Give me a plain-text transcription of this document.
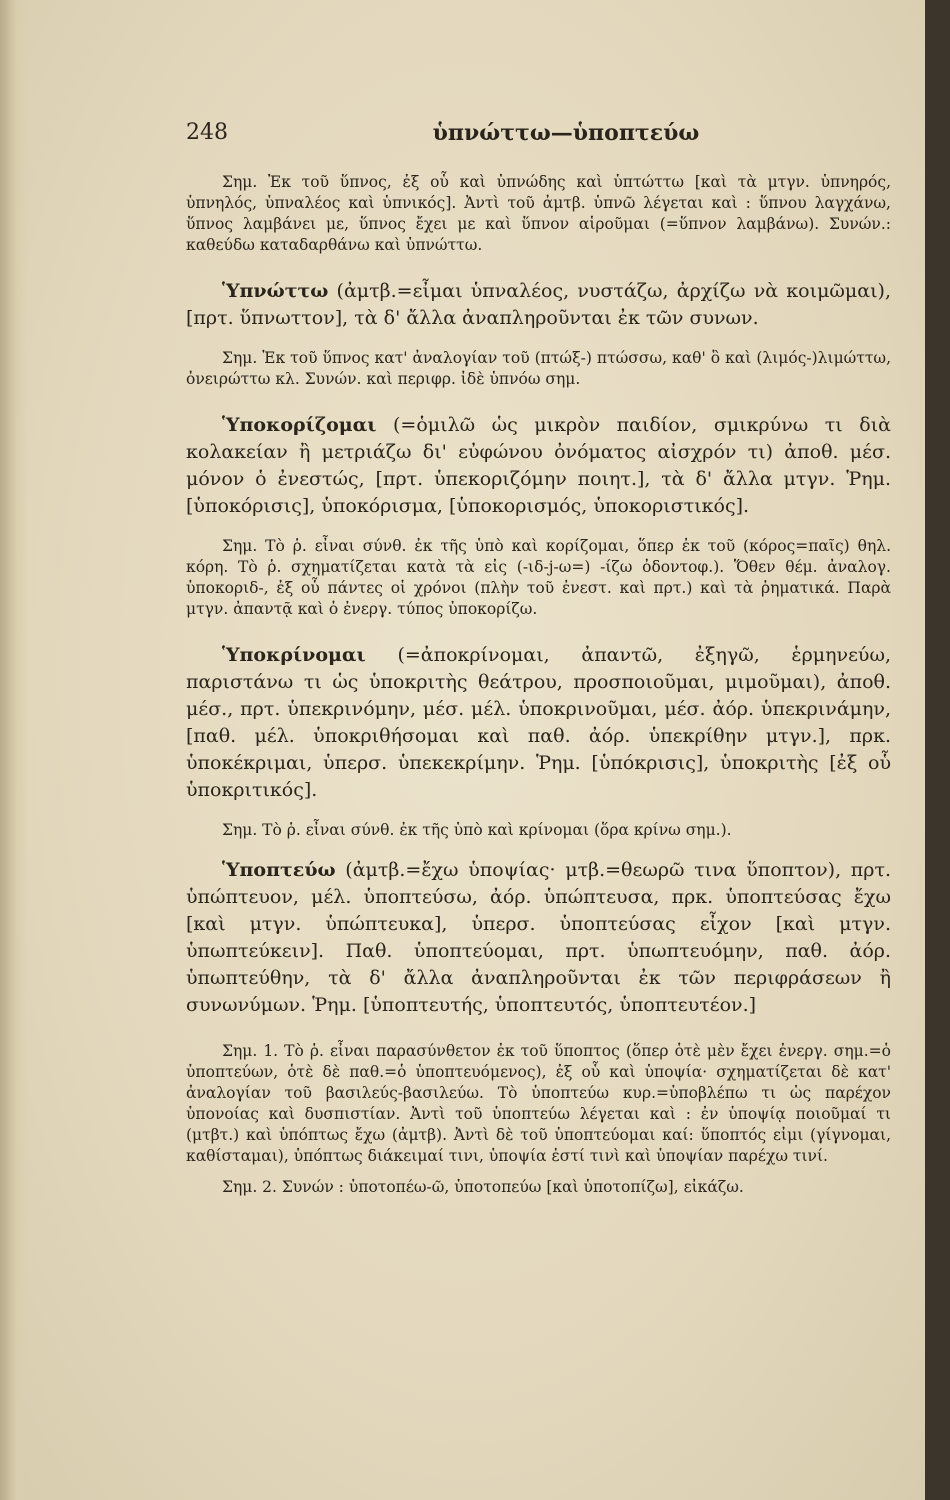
248	ὑπνώττω—ὑποπτεύω

Σημ. Ἐκ τοῦ ὕπνος, ἐξ οὗ καὶ ὑπνώδης καὶ ὑπτώττω [καὶ τὰ μτγν. ὑπνηρός, ὑπνηλός, ὑπναλέος καὶ ὑπνικός]. Ἀντὶ τοῦ ἀμτβ. ὑπνῶ λέγεται καὶ : ὕπνου λαγχάνω, ὕπνος λαμβάνει με, ὕπνος ἔχει με καὶ ὕπνον αἱροῦμαι (=ὕπνον λαμβάνω). Συνών.: καθεύδω καταδαρθάνω καὶ ὑπνώττω.

Ὑπνώττω (ἀμτβ.=εἶμαι ὑπναλέος, νυστάζω, ἀρχίζω νὰ κοιμῶμαι), [πρτ. ὕπνωττον], τὰ δ' ἄλλα ἀναπληροῦνται ἐκ τῶν συνων.

Σημ. Ἐκ τοῦ ὕπνος κατ' ἀναλογίαν τοῦ (πτώξ-) πτώσσω, καθ' ὃ καὶ (λιμός-)λιμώττω, ὀνειρώττω κλ. Συνών. καὶ περιφρ. ἰδὲ ὑπνόω σημ.

Ὑποκορίζομαι (=ὁμιλῶ ὡς μικρὸν παιδίον, σμικρύνω τι διὰ κολακείαν ἢ μετριάζω δι' εὐφώνου ὀνόματος αἰσχρόν τι) ἀποθ. μέσ. μόνον ὁ ἐνεστώς, [πρτ. ὑπεκοριζόμην ποιητ.], τὰ δ' ἄλλα μτγν. Ῥημ. [ὑποκόρισις], ὑποκόρισμα, [ὑποκορισμός, ὑποκοριστικός].

Σημ. Τὸ ῥ. εἶναι σύνθ. ἐκ τῆς ὑπὸ καὶ κορίζομαι, ὅπερ ἐκ τοῦ (κόρος=παῖς) θηλ. κόρη. Τὸ ῥ. σχηματίζεται κατὰ τὰ εἰς (-ιδ-j-ω=) -ίζω ὀδοντοφ.). Ὅθεν θέμ. ἀναλογ. ὑποκοριδ-, ἐξ οὗ πάντες οἱ χρόνοι (πλὴν τοῦ ἐνεστ. καὶ πρτ.) καὶ τὰ ῥηματικά. Παρὰ μτγν. ἀπαντᾷ καὶ ὁ ἐνεργ. τύπος ὑποκορίζω.

Ὑποκρίνομαι (=ἀποκρίνομαι, ἀπαντῶ, ἐξηγῶ, ἑρμηνεύω, παριστάνω τι ὡς ὑποκριτὴς θεάτρου, προσποιοῦμαι, μιμοῦμαι), ἀποθ. μέσ., πρτ. ὑπεκρινόμην, μέσ. μέλ. ὑποκρινοῦμαι, μέσ. ἀόρ. ὑπεκρινάμην, [παθ. μέλ. ὑποκριθήσομαι καὶ παθ. ἀόρ. ὑπεκρίθην μτγν.], πρκ. ὑποκέκριμαι, ὑπερσ. ὑπεκεκρίμην. Ῥημ. [ὑπόκρισις], ὑποκριτὴς [ἐξ οὗ ὑποκριτικός].

Σημ. Τὸ ῥ. εἶναι σύνθ. ἐκ τῆς ὑπὸ καὶ κρίνομαι (ὅρα κρίνω σημ.).

Ὑποπτεύω (ἀμτβ.=ἔχω ὑποψίας· μτβ.=θεωρῶ τινα ὕποπτον), πρτ. ὑπώπτευον, μέλ. ὑποπτεύσω, ἀόρ. ὑπώπτευσα, πρκ. ὑποπτεύσας ἔχω [καὶ μτγν. ὑπώπτευκα], ὑπερσ. ὑποπτεύσας εἶχον [καὶ μτγν. ὑπωπτεύκειν]. Παθ. ὑποπτεύομαι, πρτ. ὑπωπτευόμην, παθ. ἀόρ. ὑπωπτεύθην, τὰ δ' ἄλλα ἀναπληροῦνται ἐκ τῶν περιφράσεων ἢ συνωνύμων. Ῥημ. [ὑποπτευτής, ὑποπτευτός, ὑποπτευτέον.]

Σημ. 1. Τὸ ῥ. εἶναι παρασύνθετον ἐκ τοῦ ὕποπτος (ὅπερ ὁτὲ μὲν ἔχει ἐνεργ. σημ.=ὁ ὑποπτεύων, ὁτὲ δὲ παθ.=ὁ ὑποπτευόμενος), ἐξ οὗ καὶ ὑποψία· σχηματίζεται δὲ κατ' ἀναλογίαν τοῦ βασιλεύς-βασιλεύω. Τὸ ὑποπτεύω κυρ.=ὑποβλέπω τι ὡς παρέχον ὑπονοίας καὶ δυσπιστίαν. Ἀντὶ τοῦ ὑποπτεύω λέγεται καὶ : ἐν ὑποψίᾳ ποιοῦμαί τι (μτβτ.) καὶ ὑπόπτως ἔχω (ἀμτβ). Ἀντὶ δὲ τοῦ ὑποπτεύομαι καί: ὕποπτός εἰμι (γίγνομαι, καθίσταμαι), ὑπόπτως διάκειμαί τινι, ὑποψία ἐστί τινὶ καὶ ὑποψίαν παρέχω τινί.

Σημ. 2. Συνών : ὑποτοπέω-ῶ, ὑποτοπεύω [καὶ ὑποτοπίζω], εἰκάζω.
